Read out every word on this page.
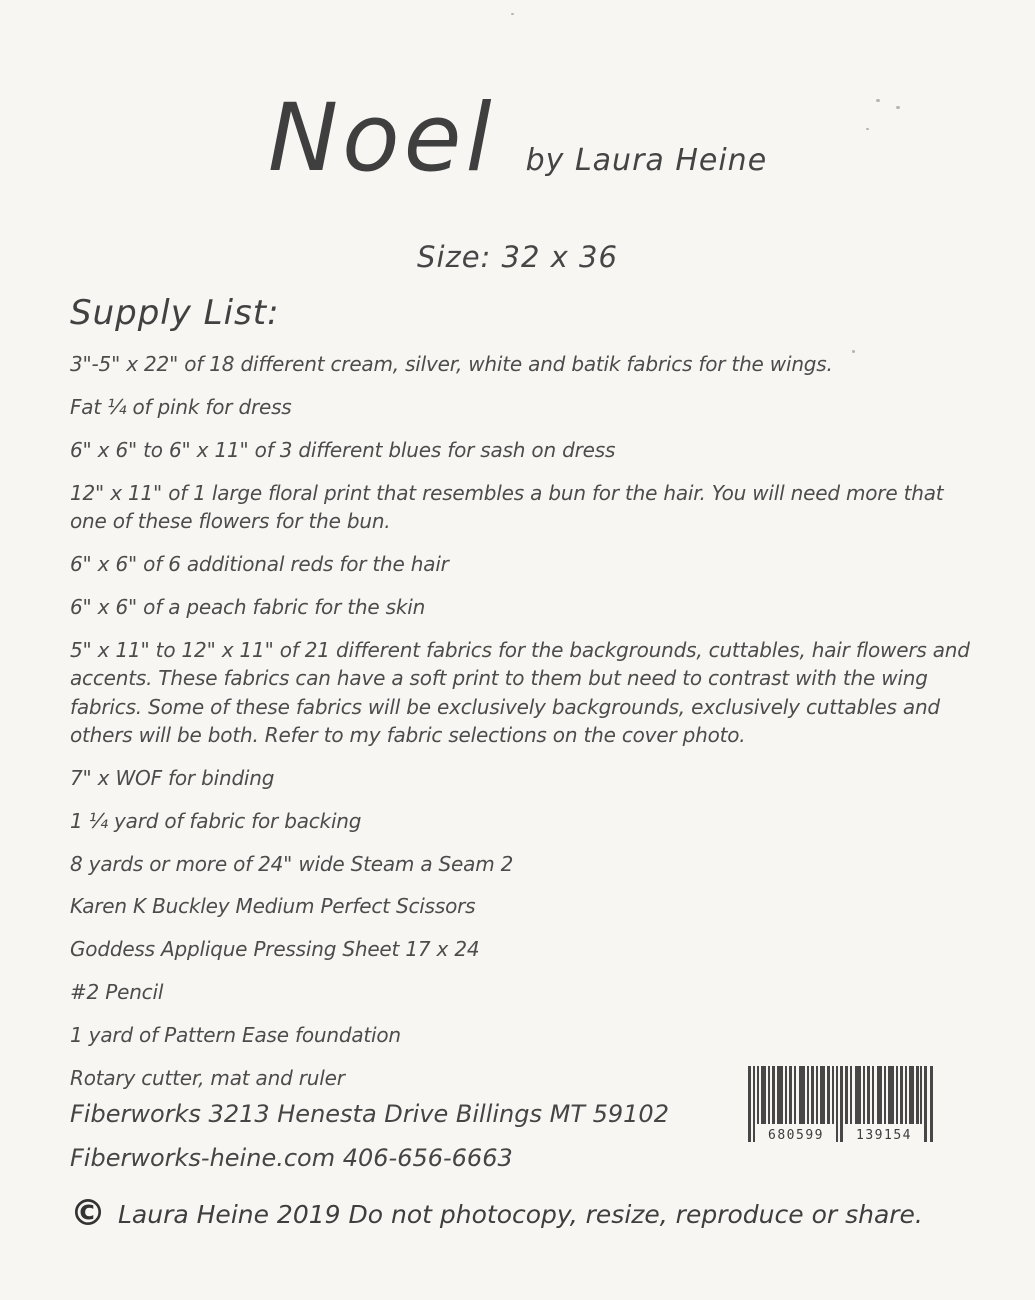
Noel by Laura Heine
Size: 32 x 36
Supply List:

3"-5" x 22" of 18 different cream, silver, white and batik fabrics for the wings.

Fat ¼ of pink for dress

6" x 6" to 6" x 11" of 3 different blues for sash on dress

12" x 11" of 1 large floral print that resembles a bun for the hair. You will need more that one of these flowers for the bun.

6" x 6" of 6 additional reds for the hair

6" x 6" of a peach fabric for the skin

5" x 11" to 12" x 11" of 21 different fabrics for the backgrounds, cuttables, hair flowers and accents. These fabrics can have a soft print to them but need to contrast with the wing fabrics. Some of these fabrics will be exclusively backgrounds, exclusively cuttables and others will be both. Refer to my fabric selections on the cover photo.

7" x WOF for binding

1 ¼ yard of fabric for backing

8 yards or more of 24" wide Steam a Seam 2

Karen K Buckley Medium Perfect Scissors

Goddess Applique Pressing Sheet 17 x 24

#2 Pencil

1 yard of Pattern Ease foundation

Rotary cutter, mat and ruler

Fiberworks 3213 Henesta Drive Billings MT 59102
Fiberworks-heine.com 406-656-6663
© Laura Heine 2019 Do not photocopy, resize, reproduce or share.
680599 139154
